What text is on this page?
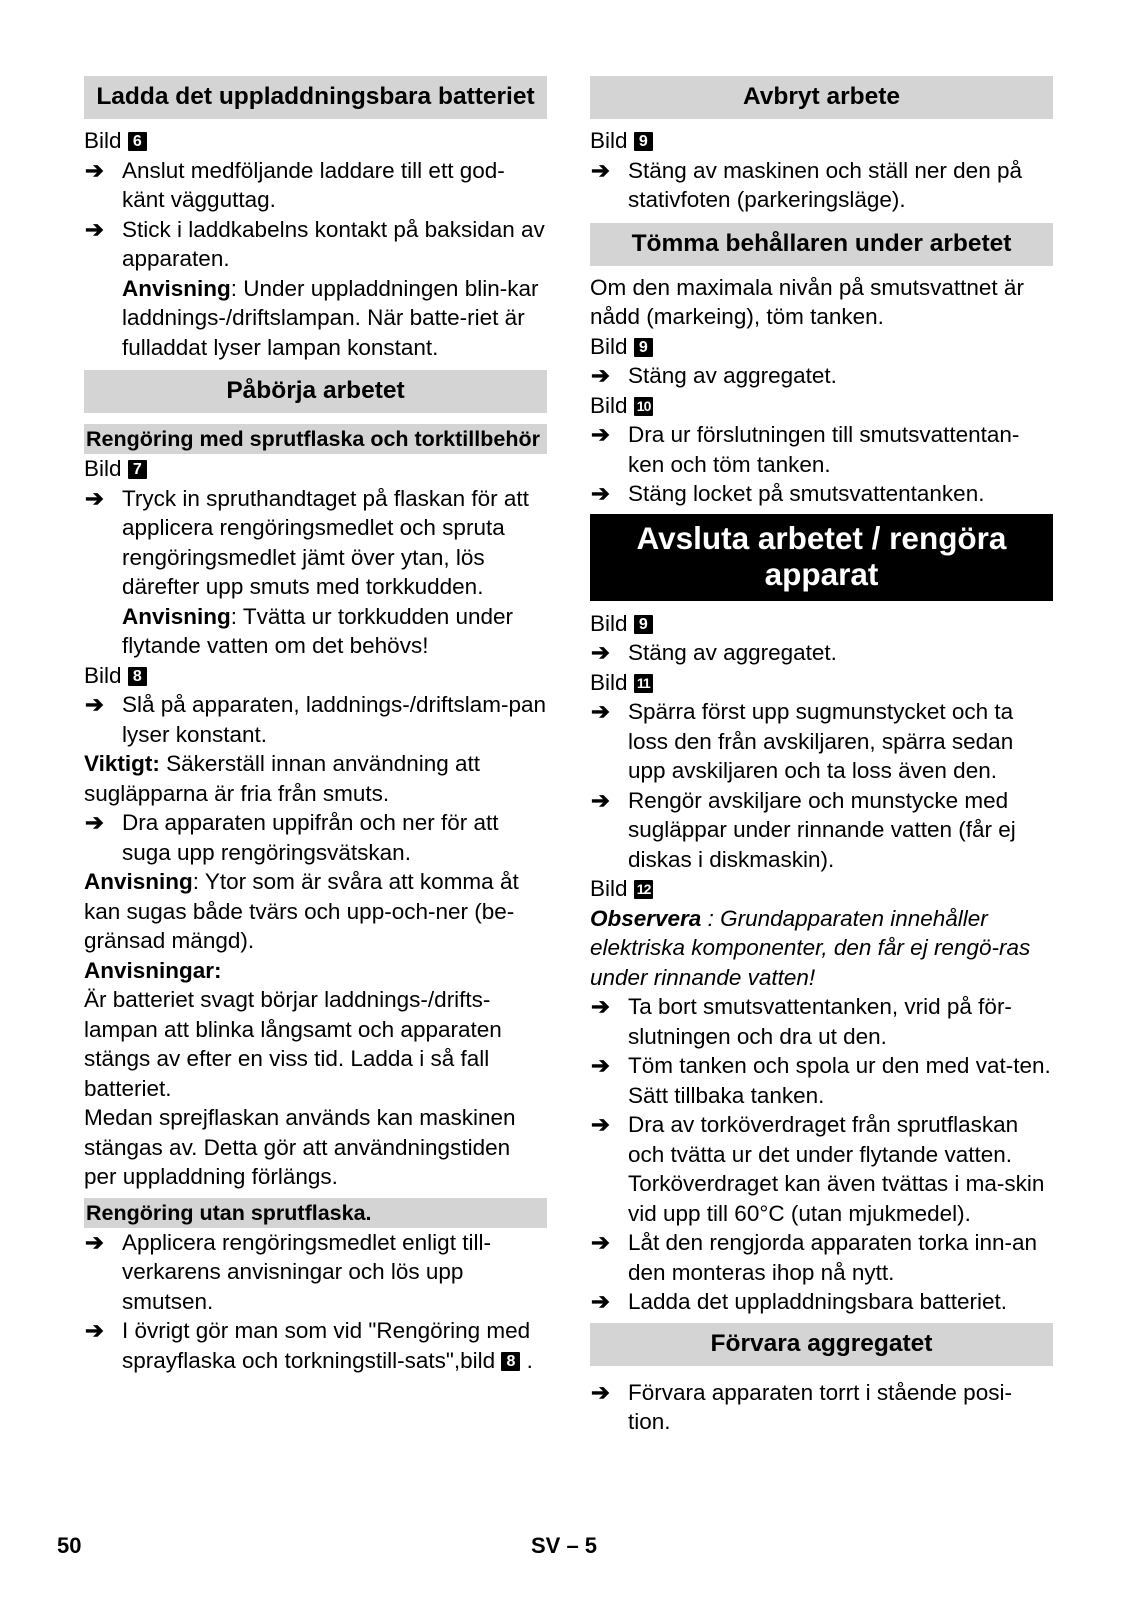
Ladda det uppladdningsbara batteriet

Bild 6

➔ Anslut medföljande laddare till ett god-känt vägguttag.

➔ Stick i laddkabelns kontakt på baksidan av apparaten.

Anvisning: Under uppladdningen blin-kar laddnings-/driftslampan. När batte-riet är fulladdat lyser lampan konstant.

Påbörja arbetet
Rengöring med sprutflaska och torktillbehör

Bild 7

➔ Tryck in spruthandtaget på flaskan för att applicera rengöringsmedlet och spruta rengöringsmedlet jämt över ytan, lös därefter upp smuts med torkkudden.

Anvisning: Tvätta ur torkkudden under flytande vatten om det behövs!

Bild 8

➔ Slå på apparaten, laddnings-/driftslam-pan lyser konstant.

Viktigt: Säkerställ innan användning att sugläpparna är fria från smuts.

➔ Dra apparaten uppifrån och ner för att suga upp rengöringsvätskan.

Anvisning: Ytor som är svåra att komma åt kan sugas både tvärs och upp-och-ner (be-gränsad mängd).

Anvisningar:

Är batteriet svagt börjar laddnings-/drifts-lampan att blinka långsamt och apparaten stängs av efter en viss tid. Ladda i så fall batteriet.

Medan sprejflaskan används kan maskinen stängas av. Detta gör att användningstiden per uppladdning förlängs.

Rengöring utan sprutflaska.

➔ Applicera rengöringsmedlet enligt till-verkarens anvisningar och lös upp smutsen.

➔ I övrigt gör man som vid "Rengöring med sprayflaska och torkningstill-sats",bild 8 .

Avbryt arbete

Bild 9

➔ Stäng av maskinen och ställ ner den på stativfoten (parkeringsläge).

Tömma behållaren under arbetet

Om den maximala nivån på smutsvattnet är nådd (markeing), töm tanken.

Bild 9

➔ Stäng av aggregatet.

Bild 10

➔ Dra ur förslutningen till smutsvattentan-ken och töm tanken.

➔ Stäng locket på smutsvattentanken.

Avsluta arbetet / rengöra apparat

Bild 9

➔ Stäng av aggregatet.

Bild 11

➔ Spärra först upp sugmunstycket och ta loss den från avskiljaren, spärra sedan upp avskiljaren och ta loss även den.

➔ Rengör avskiljare och munstycke med sugläppar under rinnande vatten (får ej diskas i diskmaskin).

Bild 12

Observera : Grundapparaten innehåller elektriska komponenter, den får ej rengö-ras under rinnande vatten!

➔ Ta bort smutsvattentanken, vrid på för-slutningen och dra ut den.

➔ Töm tanken och spola ur den med vat-ten. Sätt tillbaka tanken.

➔ Dra av torköverdraget från sprutflaskan och tvätta ur det under flytande vatten. Torköverdraget kan även tvättas i ma-skin vid upp till 60°C (utan mjukmedel).

➔ Låt den rengjorda apparaten torka inn-an den monteras ihop nå nytt.

➔ Ladda det uppladdningsbara batteriet.

Förvara aggregatet

➔ Förvara apparaten torrt i stående posi-tion.

50	SV – 5
